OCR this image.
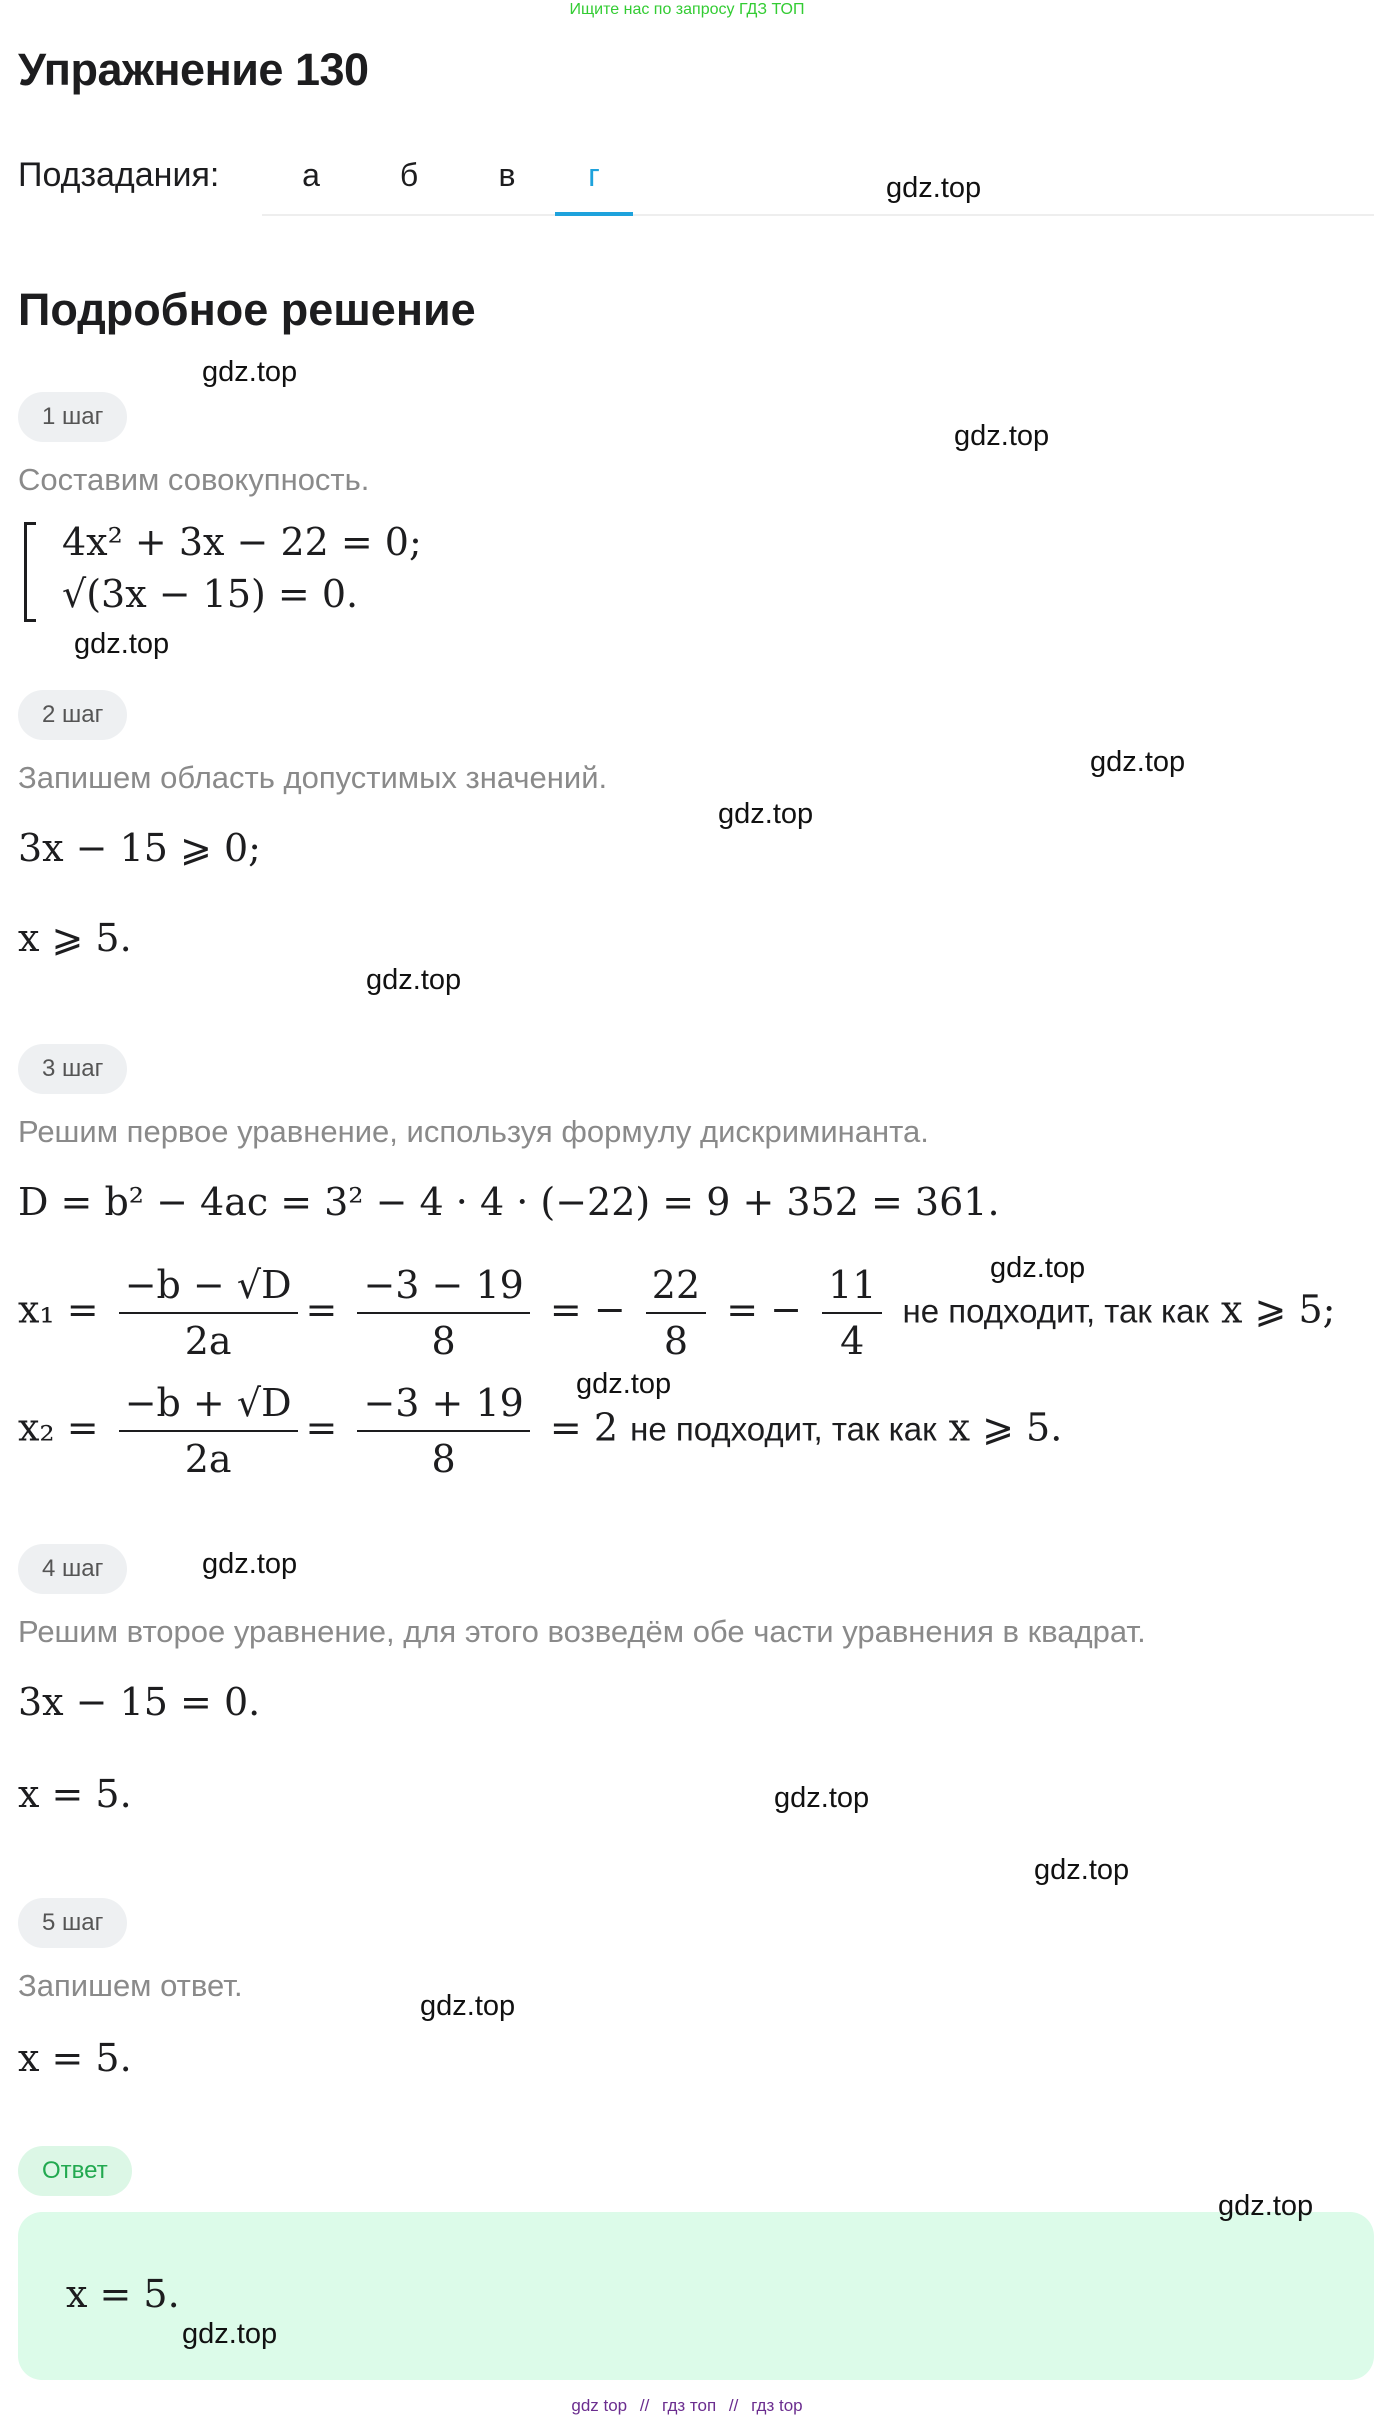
Ищите нас по запросу ГДЗ ТОП
Упражнение 130
Подзадания:	а	б	в	г
Подробное решение
1 шаг
Составим совокупность.
4x² + 3x − 22 = 0;
√(3x − 15) = 0.
2 шаг
Запишем область допустимых значений.
3x − 15 ⩾ 0;
x ⩾ 5.
3 шаг
Решим первое уравнение, используя формулу дискриминанта.
D = b² − 4ac = 3² − 4 · 4 · (−22) = 9 + 352 = 361.
$x_1 = \frac{-b - √D}{2a} = \frac{-3 - 19}{8}$ = − $\frac{22}{8}$ = − $\frac{11}{4}$ не подходит, так как x ⩾ 5;
$x_2 = \frac{-b + √D}{2a} = \frac{-3 + 19}{8} = 2$ не подходит, так как x ⩾ 5.
4 шаг
Решим второе уравнение, для этого возведём обе части уравнения в квадрат.
3x − 15 = 0.
x = 5.
5 шаг
Запишем ответ.
x = 5.
Ответ
x = 5.
gdz.top
gdz.top
gdz.top
gdz.top
gdz.top
gdz.top
gdz.top
gdz.top
gdz.top
gdz.top
gdz.top
gdz.top
gdz.top
gdz.top
gdz.top
gdz top // гдз топ // гдз top
